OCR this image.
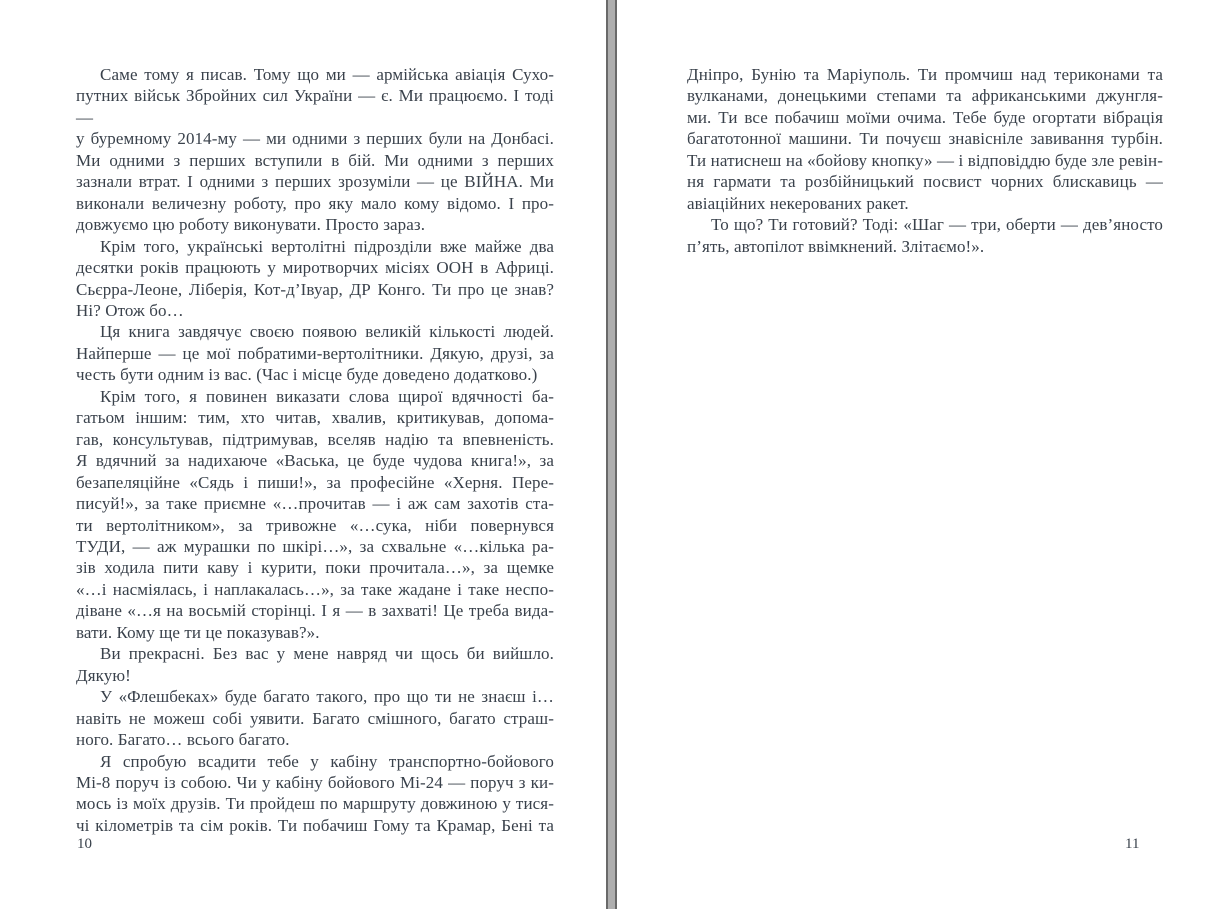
Саме тому я писав. Тому що ми — армійська авіація Сухо-
путних військ Збройних сил України — є. Ми працюємо. І тоді —
у буремному 2014-му — ми одними з перших були на Донбасі.
Ми одними з перших вступили в бій. Ми одними з перших
зазнали втрат. І одними з перших зрозуміли — це ВІЙНА. Ми
виконали величезну роботу, про яку мало кому відомо. І про-
довжуємо цю роботу виконувати. Просто зараз.
Крім того, українські вертолітні підрозділи вже майже два
десятки років працюють у миротворчих місіях ООН в Африці.
Сьєрра-Леоне, Ліберія, Кот-д’Івуар, ДР Конго. Ти про це знав?
Ні? Отож бо…
Ця книга завдячує своєю появою великій кількості людей.
Найперше — це мої побратими-вертолітники. Дякую, друзі, за
честь бути одним із вас. (Час і місце буде доведено додатково.)
Крім того, я повинен виказати слова щирої вдячності ба-
гатьом іншим: тим, хто читав, хвалив, критикував, допома-
гав, консультував, підтримував, вселяв надію та впевненість.
Я вдячний за надихаюче «Васька, це буде чудова книга!», за
безапеляційне «Сядь і пиши!», за професійне «Херня. Пере-
писуй!», за таке приємне «…прочитав — і аж сам захотів ста-
ти вертолітником», за тривожне «…сука, ніби повернувся
ТУДИ, — аж мурашки по шкірі…», за схвальне «…кілька ра-
зів ходила пити каву і курити, поки прочитала…», за щемке
«…і насміялась, і наплакалась…», за таке жадане і таке неспо-
діване «…я на восьмій сторінці. І я — в захваті! Це треба вида-
вати. Кому ще ти це показував?».
Ви прекрасні. Без вас у мене навряд чи щось би вийшло.
Дякую!
У «Флешбеках» буде багато такого, про що ти не знаєш і…
навіть не можеш собі уявити. Багато смішного, багато страш-
ного. Багато… всього багато.
Я спробую всадити тебе у кабіну транспортно-бойового
Мі-8 поруч із собою. Чи у кабіну бойового Мі-24 — поруч з ки-
мось із моїх друзів. Ти пройдеш по маршруту довжиною у тися-
чі кілометрів та сім років. Ти побачиш Гому та Крамар, Бені та
10
Дніпро, Бунію та Маріуполь. Ти промчиш над териконами та
вулканами, донецькими степами та африканськими джунгля-
ми. Ти все побачиш моїми очима. Тебе буде огортати вібрація
багатотонної машини. Ти почуєш знавісніле завивання турбін.
Ти натиснеш на «бойову кнопку» — і відповіддю буде зле ревін-
ня гармати та розбійницький посвист чорних блискавиць —
авіаційних некерованих ракет.
То що? Ти готовий? Тоді: «Шаг — три, оберти — дев’яносто
п’ять, автопілот ввімкнений. Злітаємо!».
11
